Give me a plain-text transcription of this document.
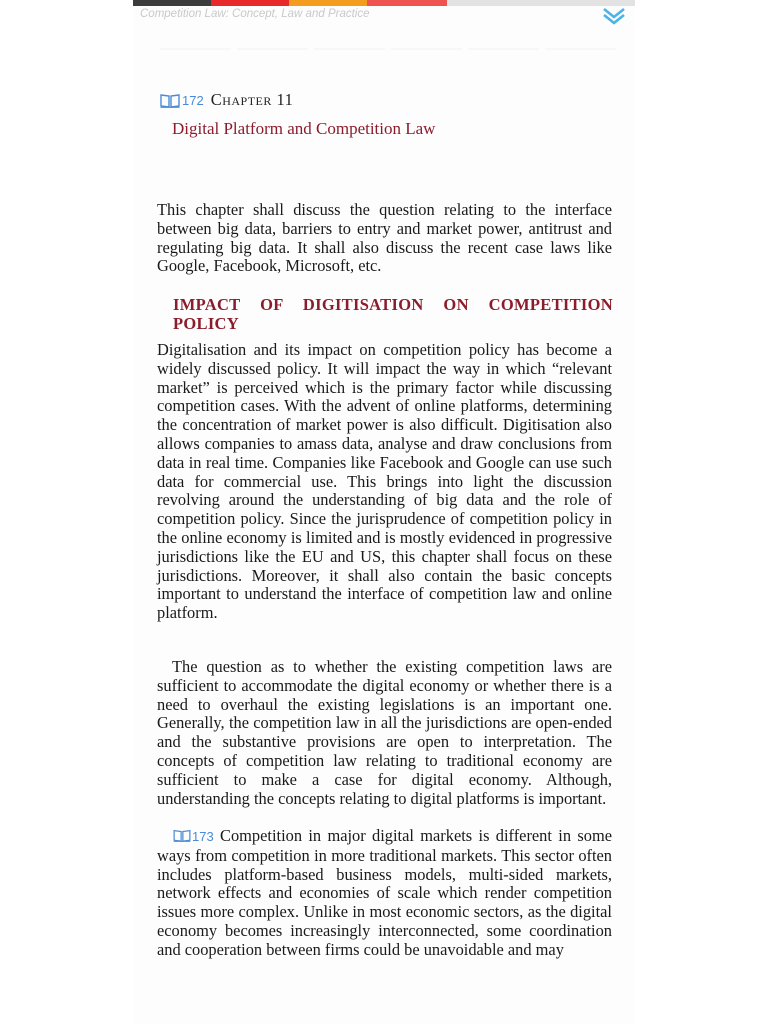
Competition Law: Concept, Law and Practice
172 Chapter 11
Digital Platform and Competition Law

This chapter shall discuss the question relating to the interface between big data, barriers to entry and market power, antitrust and regulating big data. It shall also discuss the recent case laws like Google, Facebook, Microsoft, etc.

IMPACT OF DIGITISATION ON COMPETITION POLICY

Digitalisation and its impact on competition policy has become a widely discussed policy. It will impact the way in which “relevant market” is perceived which is the primary factor while discussing competition cases. With the advent of online platforms, determining the concentration of market power is also difficult. Digitisation also allows companies to amass data, analyse and draw conclusions from data in real time. Companies like Facebook and Google can use such data for commercial use. This brings into light the discussion revolving around the understanding of big data and the role of competition policy. Since the jurisprudence of competition policy in the online economy is limited and is mostly evidenced in progressive jurisdictions like the EU and US, this chapter shall focus on these jurisdictions. Moreover, it shall also contain the basic concepts important to understand the interface of competition law and online platform.

The question as to whether the existing competition laws are sufficient to accommodate the digital economy or whether there is a need to overhaul the existing legislations is an important one. Generally, the competition law in all the jurisdictions are open-ended and the substantive provisions are open to interpretation. The concepts of competition law relating to traditional economy are sufficient to make a case for digital economy. Although, understanding the concepts relating to digital platforms is important.

173 Competition in major digital markets is different in some ways from competition in more traditional markets. This sector often includes platform-based business models, multi-sided markets, network effects and economies of scale which render competition issues more complex. Unlike in most economic sectors, as the digital economy becomes increasingly interconnected, some coordination and cooperation between firms could be unavoidable and may
